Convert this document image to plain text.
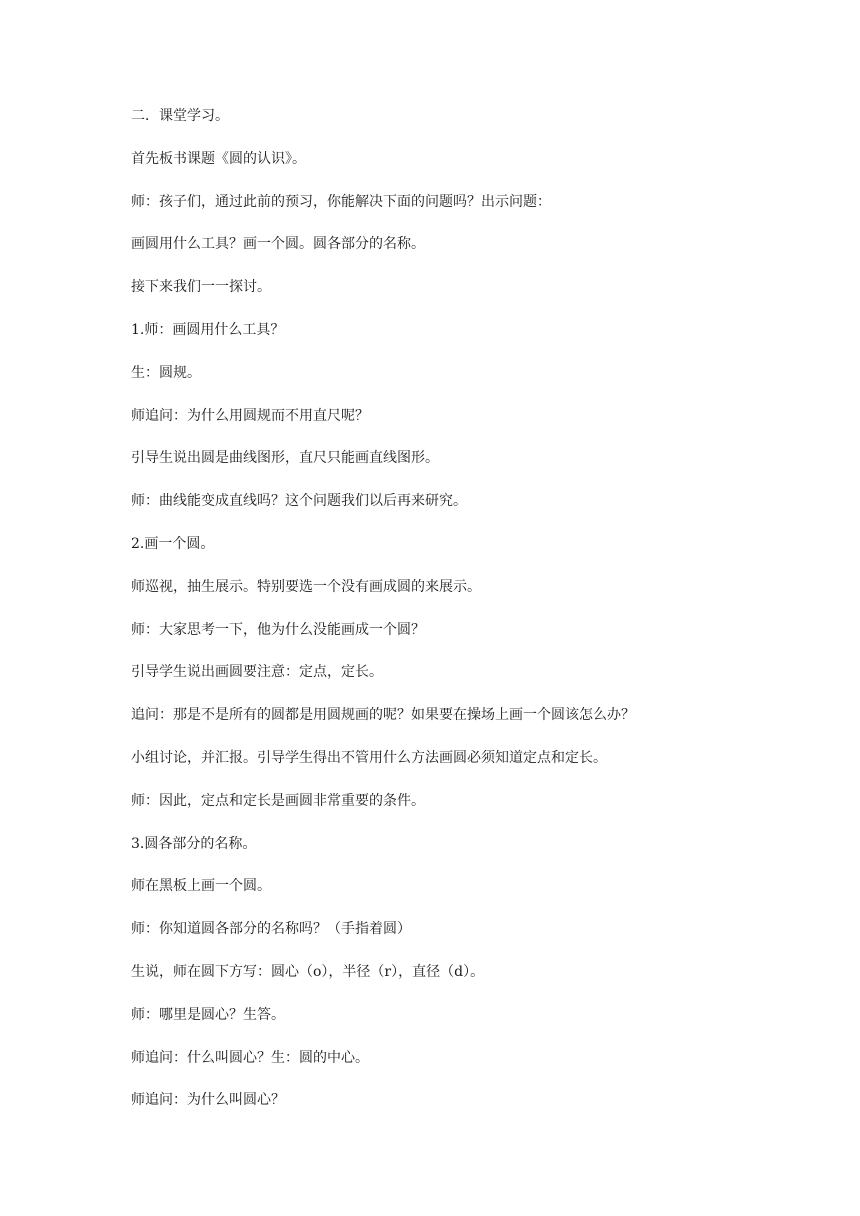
二．课堂学习。
首先板书课题《圆的认识》。
师：孩子们，通过此前的预习，你能解决下面的问题吗？出示问题：
画圆用什么工具？画一个圆。圆各部分的名称。
接下来我们一一探讨。
1.师：画圆用什么工具？
生：圆规。
师追问：为什么用圆规而不用直尺呢？
引导生说出圆是曲线图形，直尺只能画直线图形。
师：曲线能变成直线吗？这个问题我们以后再来研究。
2.画一个圆。
师巡视，抽生展示。特别要选一个没有画成圆的来展示。
师：大家思考一下，他为什么没能画成一个圆？
引导学生说出画圆要注意：定点，定长。
追问：那是不是所有的圆都是用圆规画的呢？如果要在操场上画一个圆该怎么办？
小组讨论，并汇报。引导学生得出不管用什么方法画圆必须知道定点和定长。
师：因此，定点和定长是画圆非常重要的条件。
3.圆各部分的名称。
师在黑板上画一个圆。
师：你知道圆各部分的名称吗？（手指着圆）
生说，师在圆下方写：圆心（o），半径（r），直径（d）。
师：哪里是圆心？生答。
师追问：什么叫圆心？生：圆的中心。
师追问：为什么叫圆心？
